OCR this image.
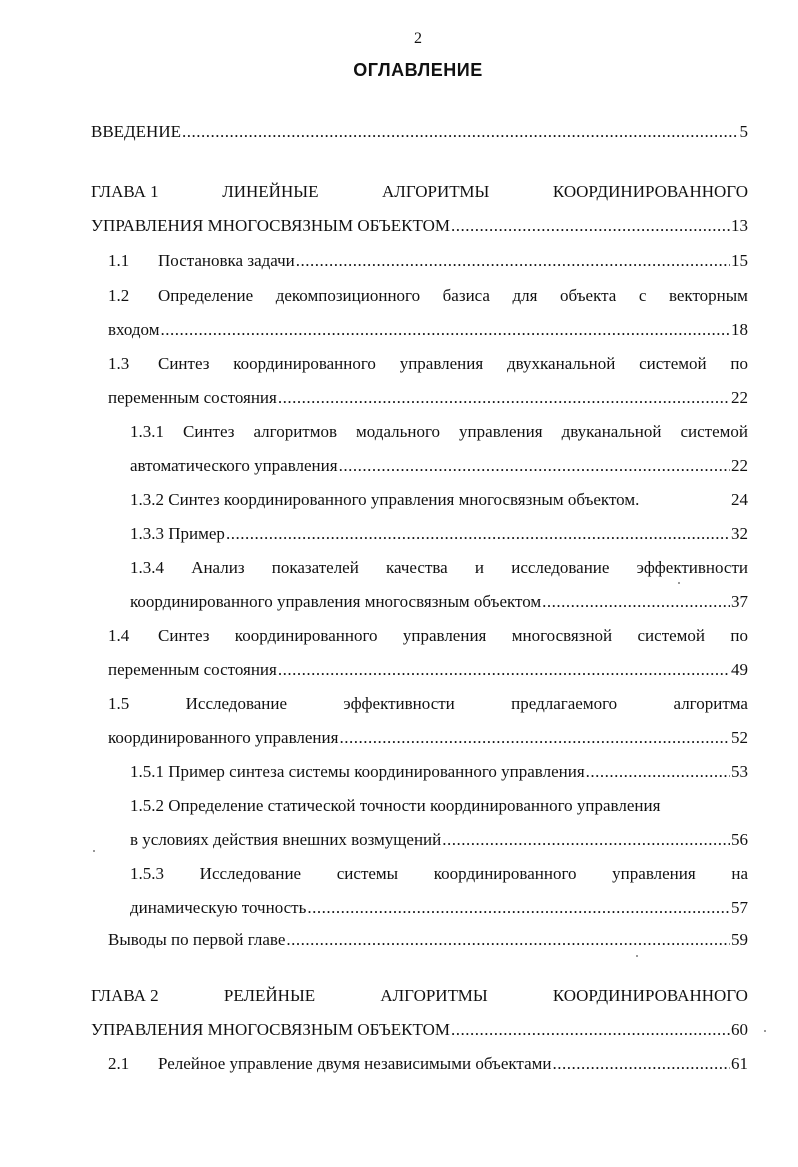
2
ОГЛАВЛЕНИЕ
ВВЕДЕНИЕ .....	5
ГЛАВА 1	ЛИНЕЙНЫЕ	АЛГОРИТМЫ	КООРДИНИРОВАННОГО
УПРАВЛЕНИЯ МНОГОСВЯЗНЫМ ОБЪЕКТОМ .....	13
1.1 Постановка задачи .....	15
1.2	Определение декомпозиционного базиса для объекта с векторным
входом .....	18
1.3	Синтез координированного управления двухканальной системой по
переменным состояния .....	22
1.3.1 Синтез алгоритмов модального управления двуканальной системой
автоматического управления .....	22
1.3.2 Синтез координированного управления многосвязным объектом.	24
1.3.3 Пример .....	32
1.3.4 Анализ показателей качества и исследование эффективности
координированного управления многосвязным объектом .....	37
1.4	Синтез координированного управления многосвязной системой по
переменным состояния .....	49
1.5	Исследование	эффективности	предлагаемого	алгоритма
координированного управления .....	52
1.5.1 Пример синтеза системы координированного управления .....	53
1.5.2 Определение статической точности координированного управления
в условиях действия внешних возмущений .....	56
1.5.3 Исследование системы координированного управления на
динамическую точность .....	57
Выводы по первой главе .....	59
ГЛАВА 2	РЕЛЕЙНЫЕ	АЛГОРИТМЫ	КООРДИНИРОВАННОГО
УПРАВЛЕНИЯ МНОГОСВЯЗНЫМ ОБЪЕКТОМ .....	60
2.1 Релейное управление двумя независимыми объектами .....	61
